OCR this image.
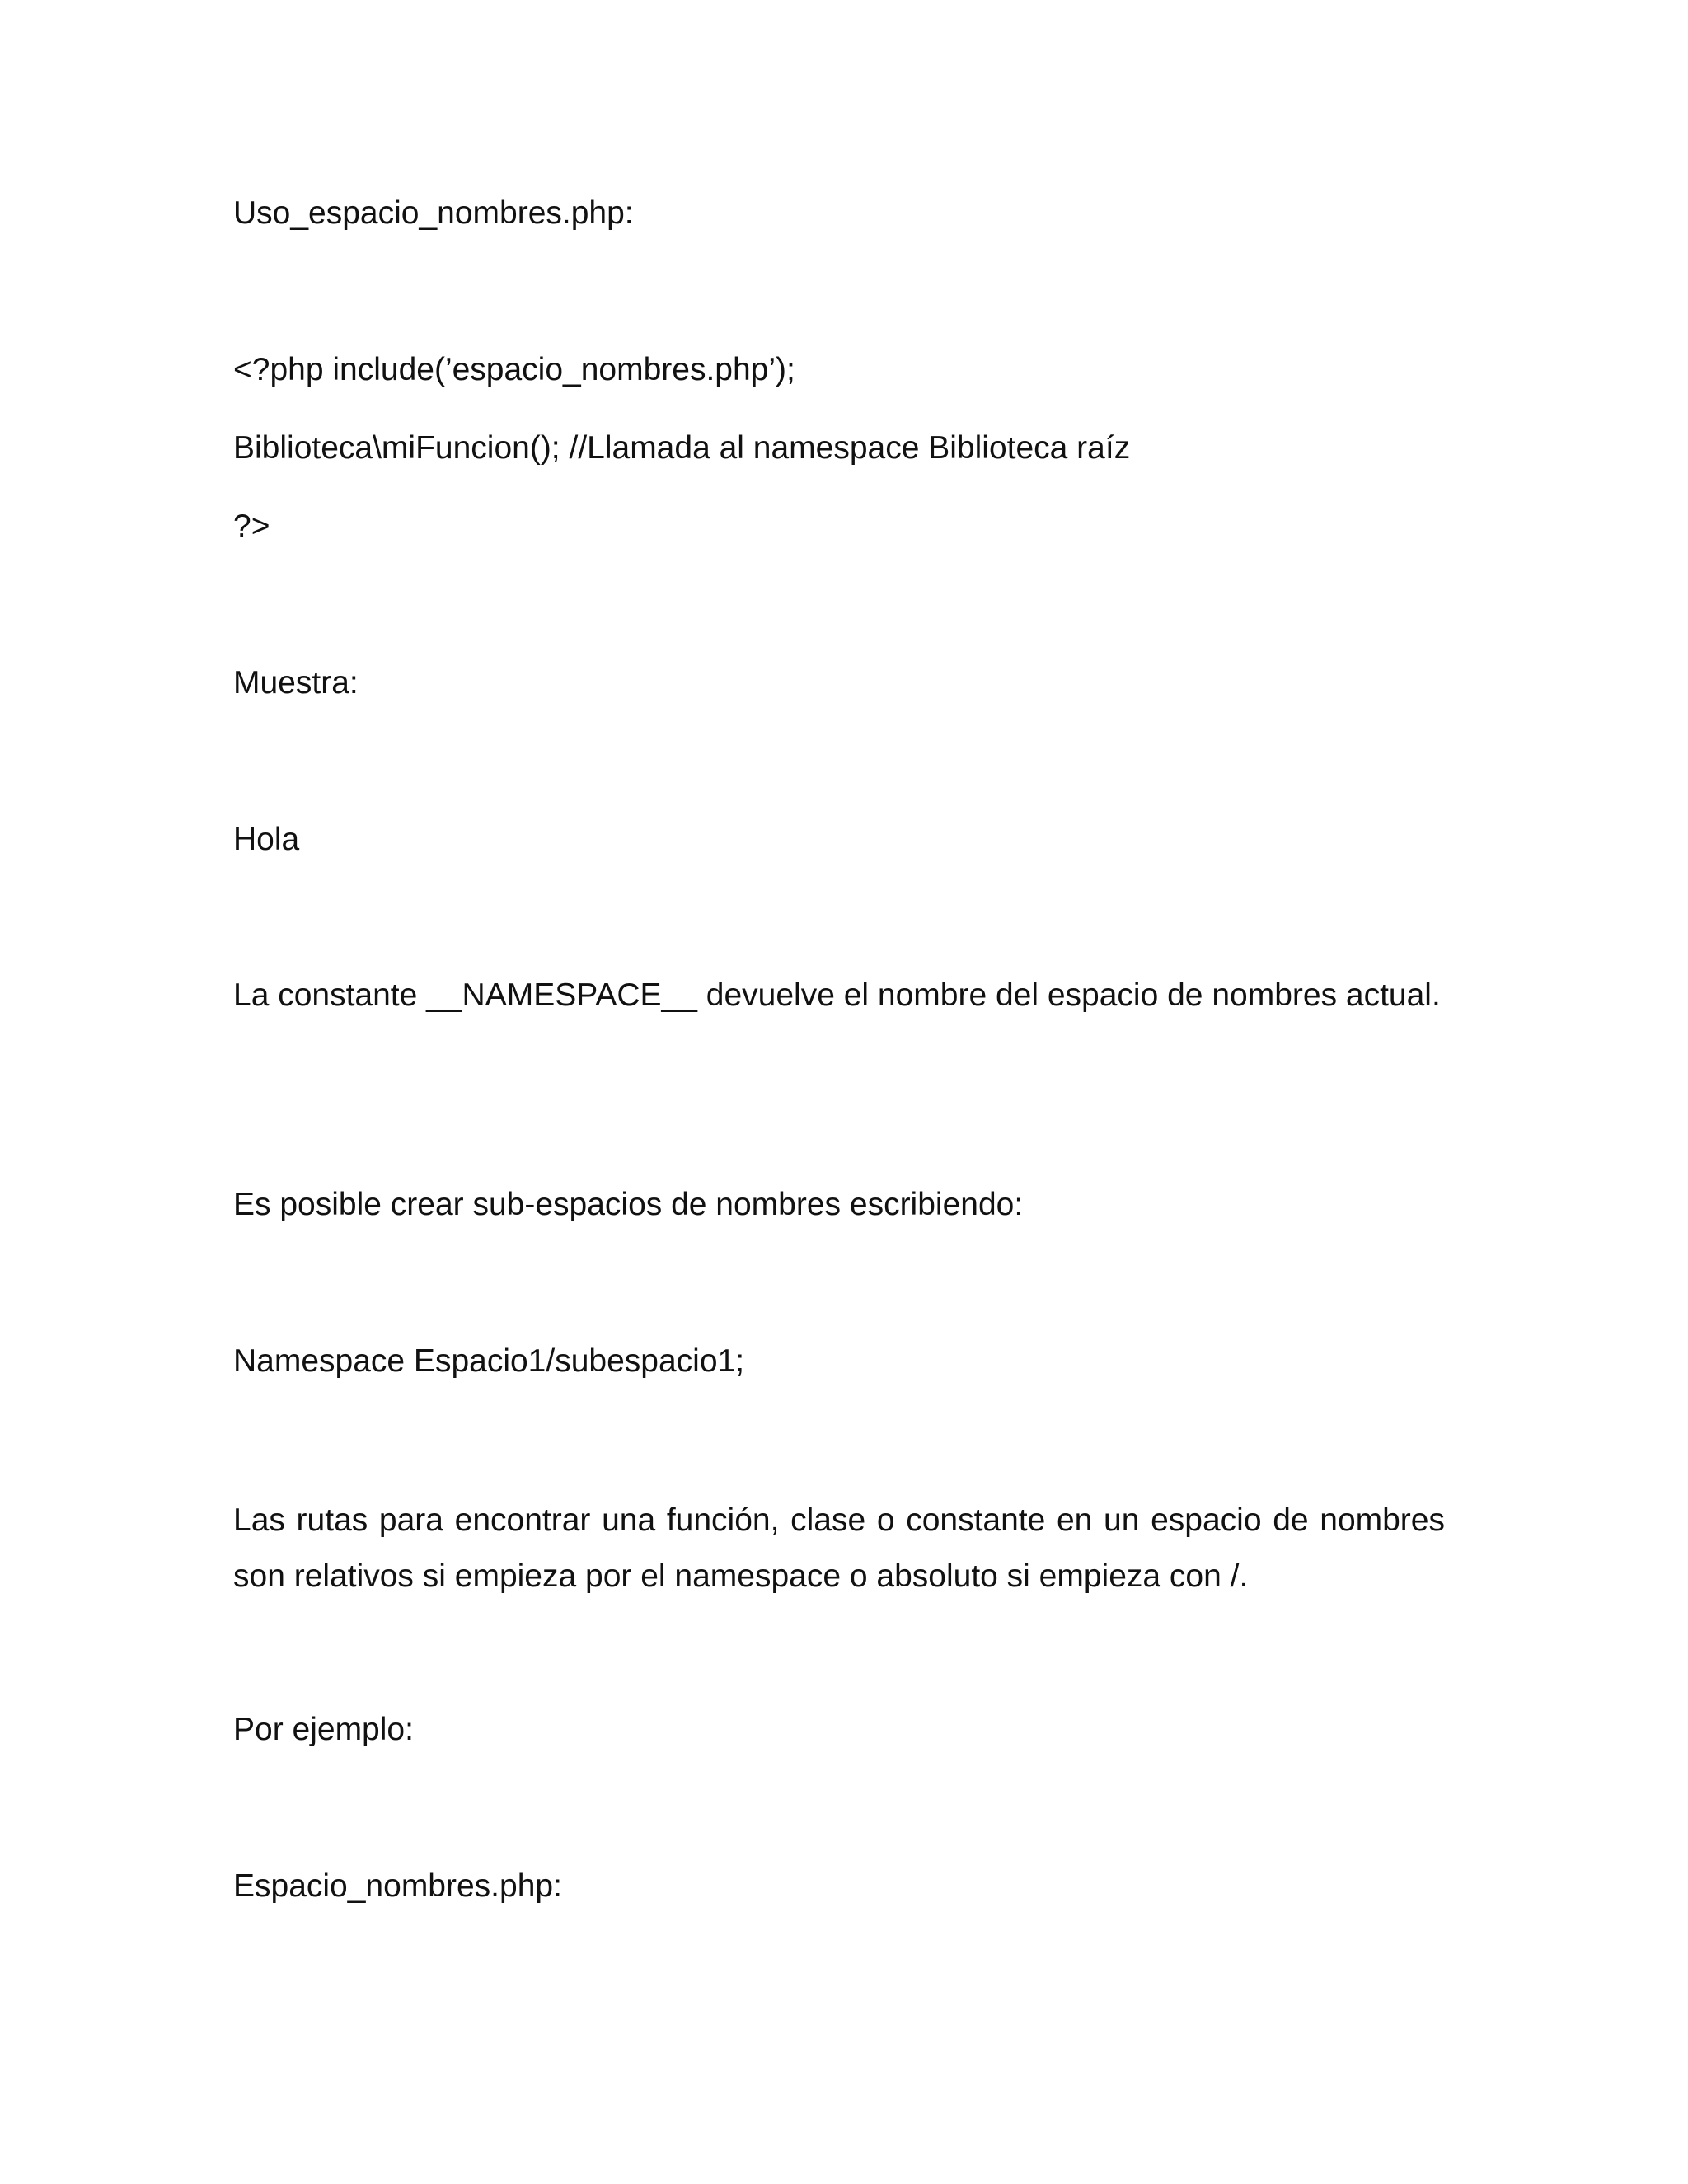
Uso_espacio_nombres.php:

<?php include(’espacio_nombres.php’);

Biblioteca\miFuncion(); //Llamada al namespace Biblioteca raíz

?>

Muestra:

Hola

La constante __NAMESPACE__ devuelve el nombre del espacio de nombres actual.

Es posible crear sub-espacios de nombres escribiendo:

Namespace Espacio1/subespacio1;

Las rutas para encontrar una función, clase o constante en un espacio de nombres son relativos si empieza por el namespace o absoluto si empieza con /.

Por ejemplo:

Espacio_nombres.php:
